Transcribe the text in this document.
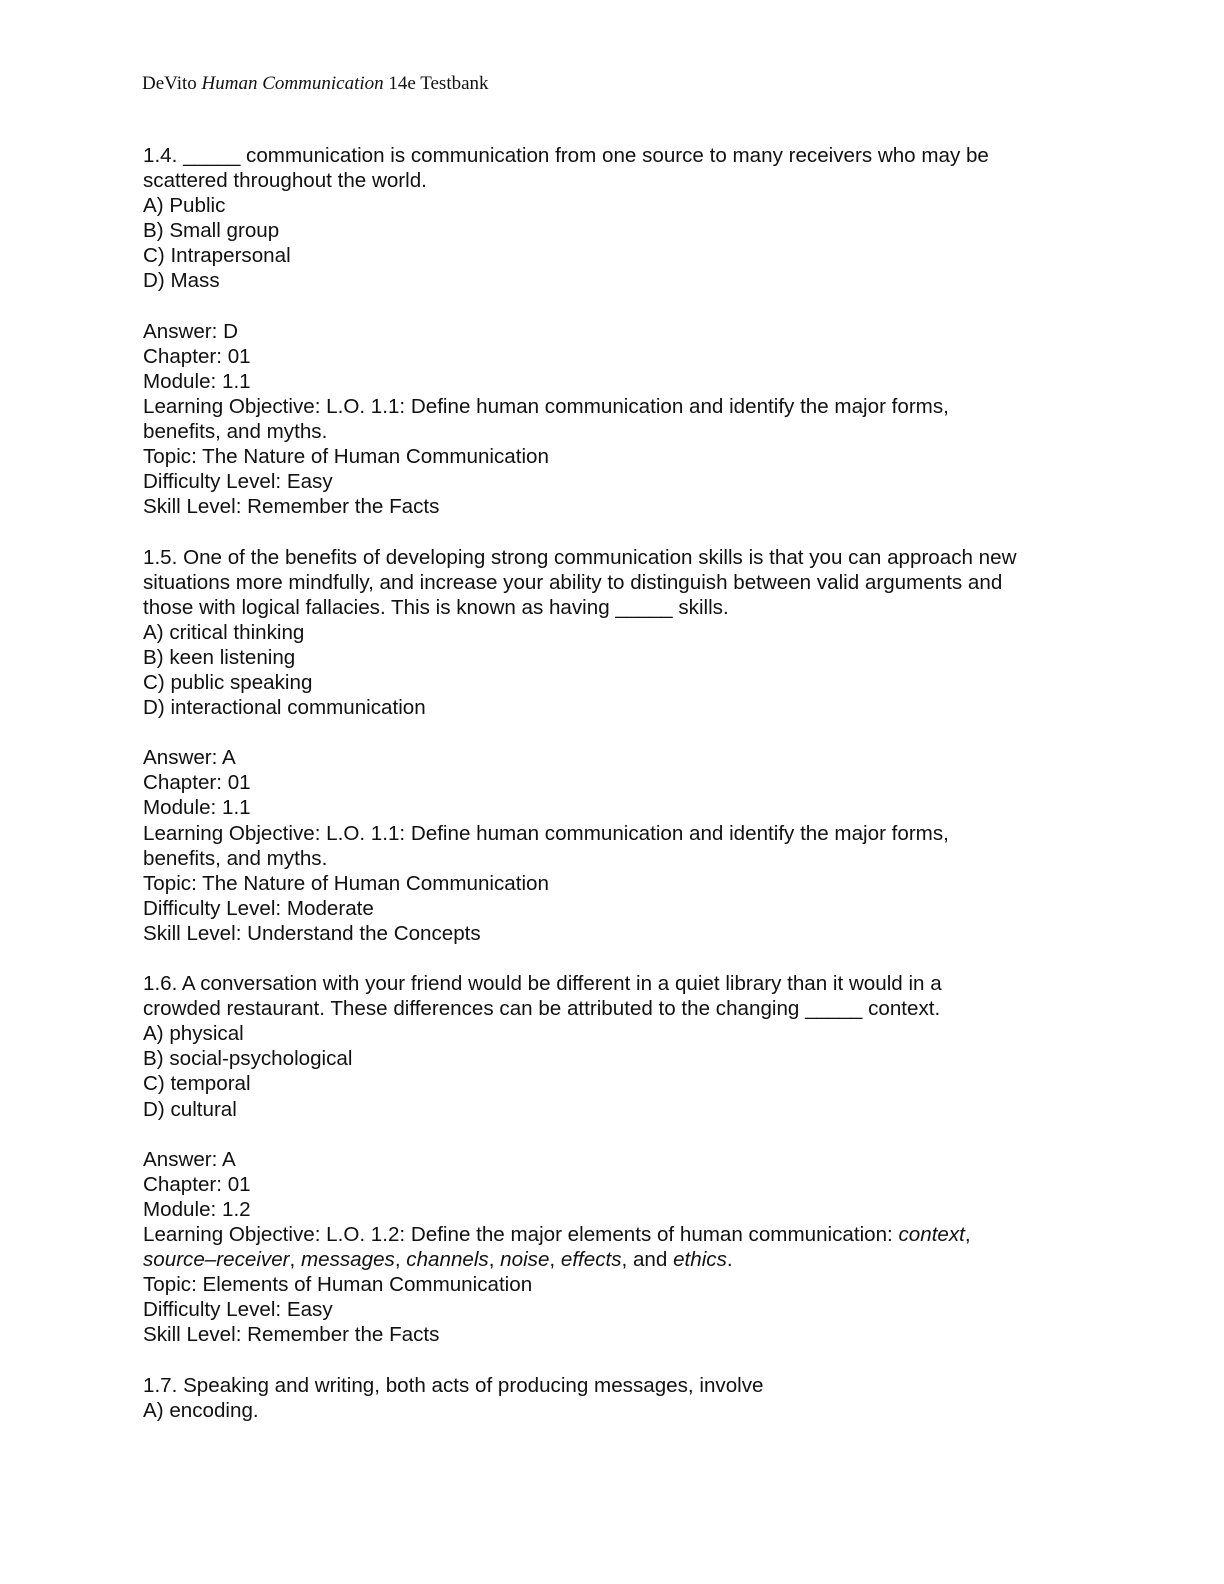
DeVito Human Communication 14e Testbank
1.4. _____ communication is communication from one source to many receivers who may be
scattered throughout the world.
A) Public
B) Small group
C) Intrapersonal
D) Mass
Answer: D
Chapter: 01
Module: 1.1
Learning Objective: L.O. 1.1: Define human communication and identify the major forms,
benefits, and myths.
Topic: The Nature of Human Communication
Difficulty Level: Easy
Skill Level: Remember the Facts
1.5. One of the benefits of developing strong communication skills is that you can approach new
situations more mindfully, and increase your ability to distinguish between valid arguments and
those with logical fallacies. This is known as having _____ skills.
A) critical thinking
B) keen listening
C) public speaking
D) interactional communication
Answer: A
Chapter: 01
Module: 1.1
Learning Objective: L.O. 1.1: Define human communication and identify the major forms,
benefits, and myths.
Topic: The Nature of Human Communication
Difficulty Level: Moderate
Skill Level: Understand the Concepts
1.6. A conversation with your friend would be different in a quiet library than it would in a
crowded restaurant. These differences can be attributed to the changing _____ context.
A) physical
B) social-psychological
C) temporal
D) cultural
Answer: A
Chapter: 01
Module: 1.2
Learning Objective: L.O. 1.2: Define the major elements of human communication: context,
source–receiver, messages, channels, noise, effects, and ethics.
Topic: Elements of Human Communication
Difficulty Level: Easy
Skill Level: Remember the Facts
1.7. Speaking and writing, both acts of producing messages, involve
A) encoding.
